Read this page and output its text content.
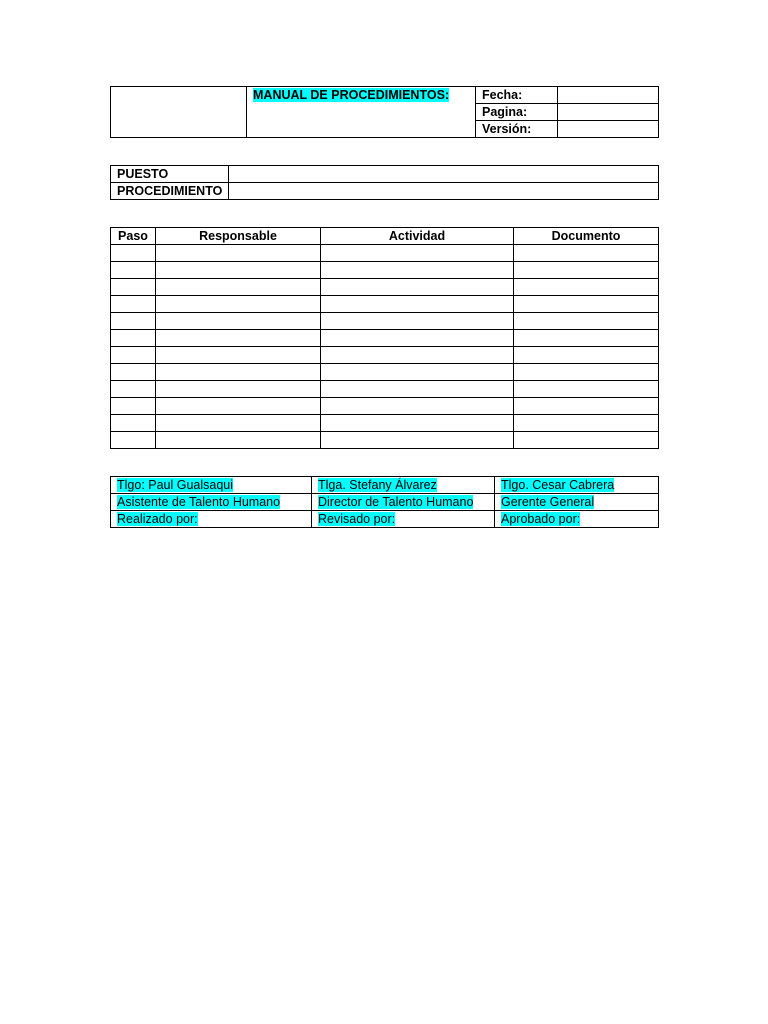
	MANUAL DE PROCEDIMIENTOS:	Fecha:	
		Pagina:	
		Versión:	
PUESTO	
PROCEDIMIENTO	
Paso	Responsable	Actividad	Documento

Tlgo: Paul Gualsaqui	Tlga. Stefany Álvarez	Tlgo. Cesar Cabrera
Asistente de Talento Humano	Director de Talento Humano	Gerente General
Realizado por:	Revisado por:	Aprobado por:
